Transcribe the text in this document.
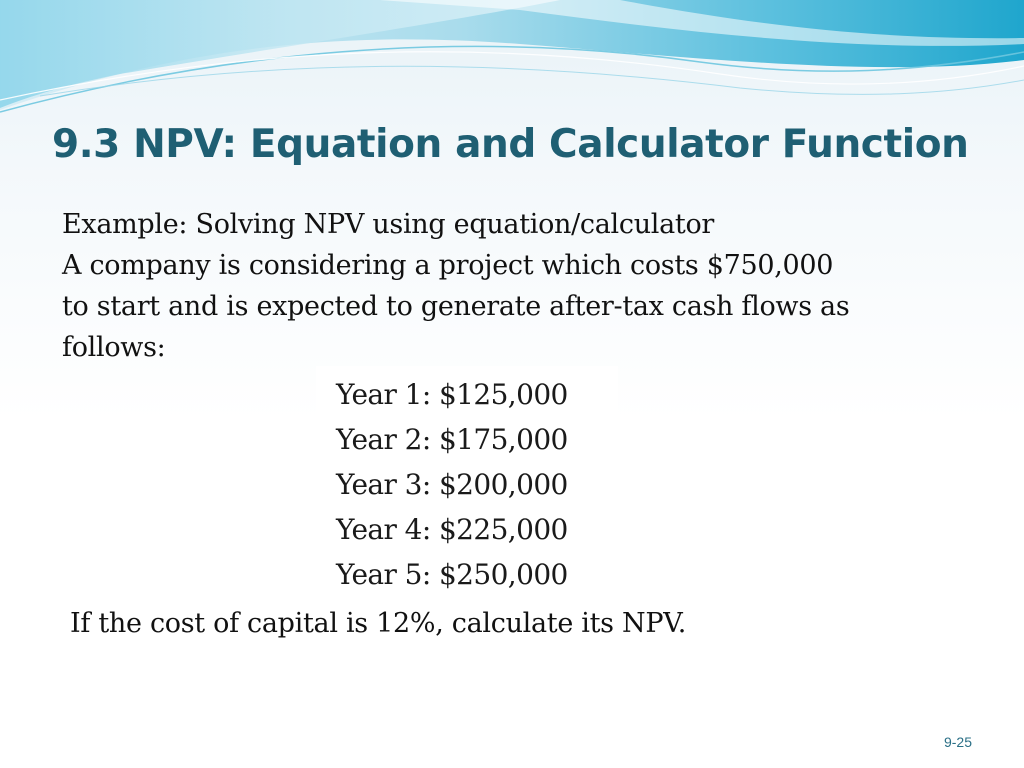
9.3 NPV: Equation and Calculator Function

Example: Solving NPV using equation/calculator

A company is considering a project which costs $750,000

to start and is expected to generate after-tax cash flows as

follows:

Year 1: $125,000
Year 2: $175,000
Year 3: $200,000
Year 4: $225,000
Year 5: $250,000

If the cost of capital is 12%, calculate its NPV.

9-25
